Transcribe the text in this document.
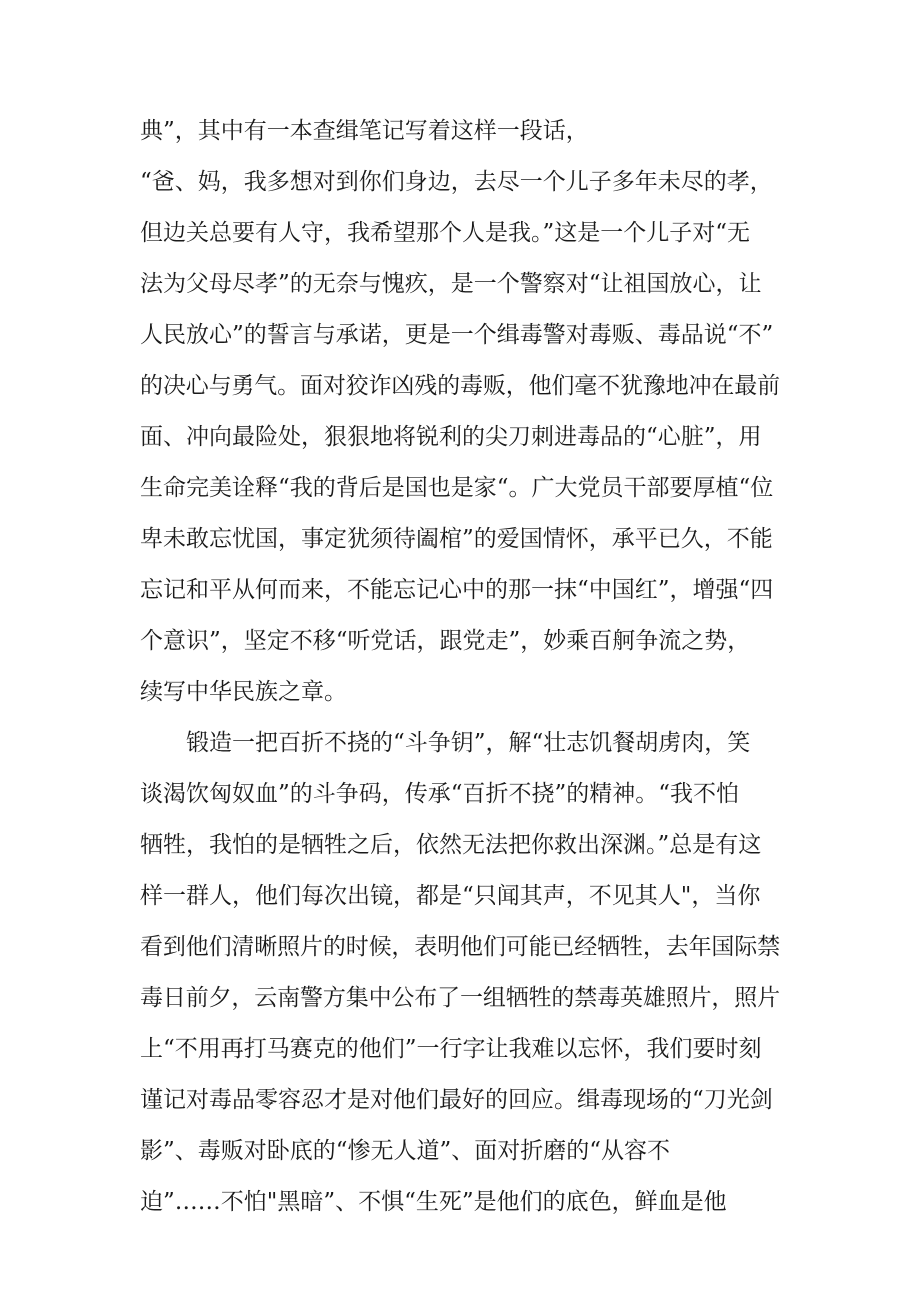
典”，其中有一本查缉笔记写着这样一段话，
“爸、妈，我多想对到你们身边，去尽一个儿子多年未尽的孝，
但边关总要有人守，我希望那个人是我。”这是一个儿子对“无
法为父母尽孝”的无奈与愧疚，是一个警察对“让祖国放心，让
人民放心”的誓言与承诺，更是一个缉毒警对毒贩、毒品说“不”
的决心与勇气。面对狡诈凶残的毒贩，他们毫不犹豫地冲在最前
面、冲向最险处，狠狠地将锐利的尖刀刺进毒品的“心脏”，用
生命完美诠释“我的背后是国也是家“。广大党员干部要厚植“位
卑未敢忘忧国，事定犹须待阖棺”的爱国情怀，承平已久，不能
忘记和平从何而来，不能忘记心中的那一抹“中国红”，增强“四
个意识”，坚定不移“听党话，跟党走”，妙乘百舸争流之势，
续写中华民族之章。
锻造一把百折不挠的“斗争钥”，解“壮志饥餐胡虏肉，笑
谈渴饮匈奴血”的斗争码，传承“百折不挠”的精神。“我不怕
牺牲，我怕的是牺牲之后，依然无法把你救出深渊。”总是有这
样一群人，他们每次出镜，都是“只闻其声，不见其人"，当你
看到他们清晰照片的时候，表明他们可能已经牺牲，去年国际禁
毒日前夕，云南警方集中公布了一组牺牲的禁毒英雄照片，照片
上“不用再打马赛克的他们”一行字让我难以忘怀，我们要时刻
谨记对毒品零容忍才是对他们最好的回应。缉毒现场的“刀光剑
影”、毒贩对卧底的“惨无人道”、面对折磨的“从容不
迫”……不怕"黑暗”、不惧“生死”是他们的底色，鲜血是他
